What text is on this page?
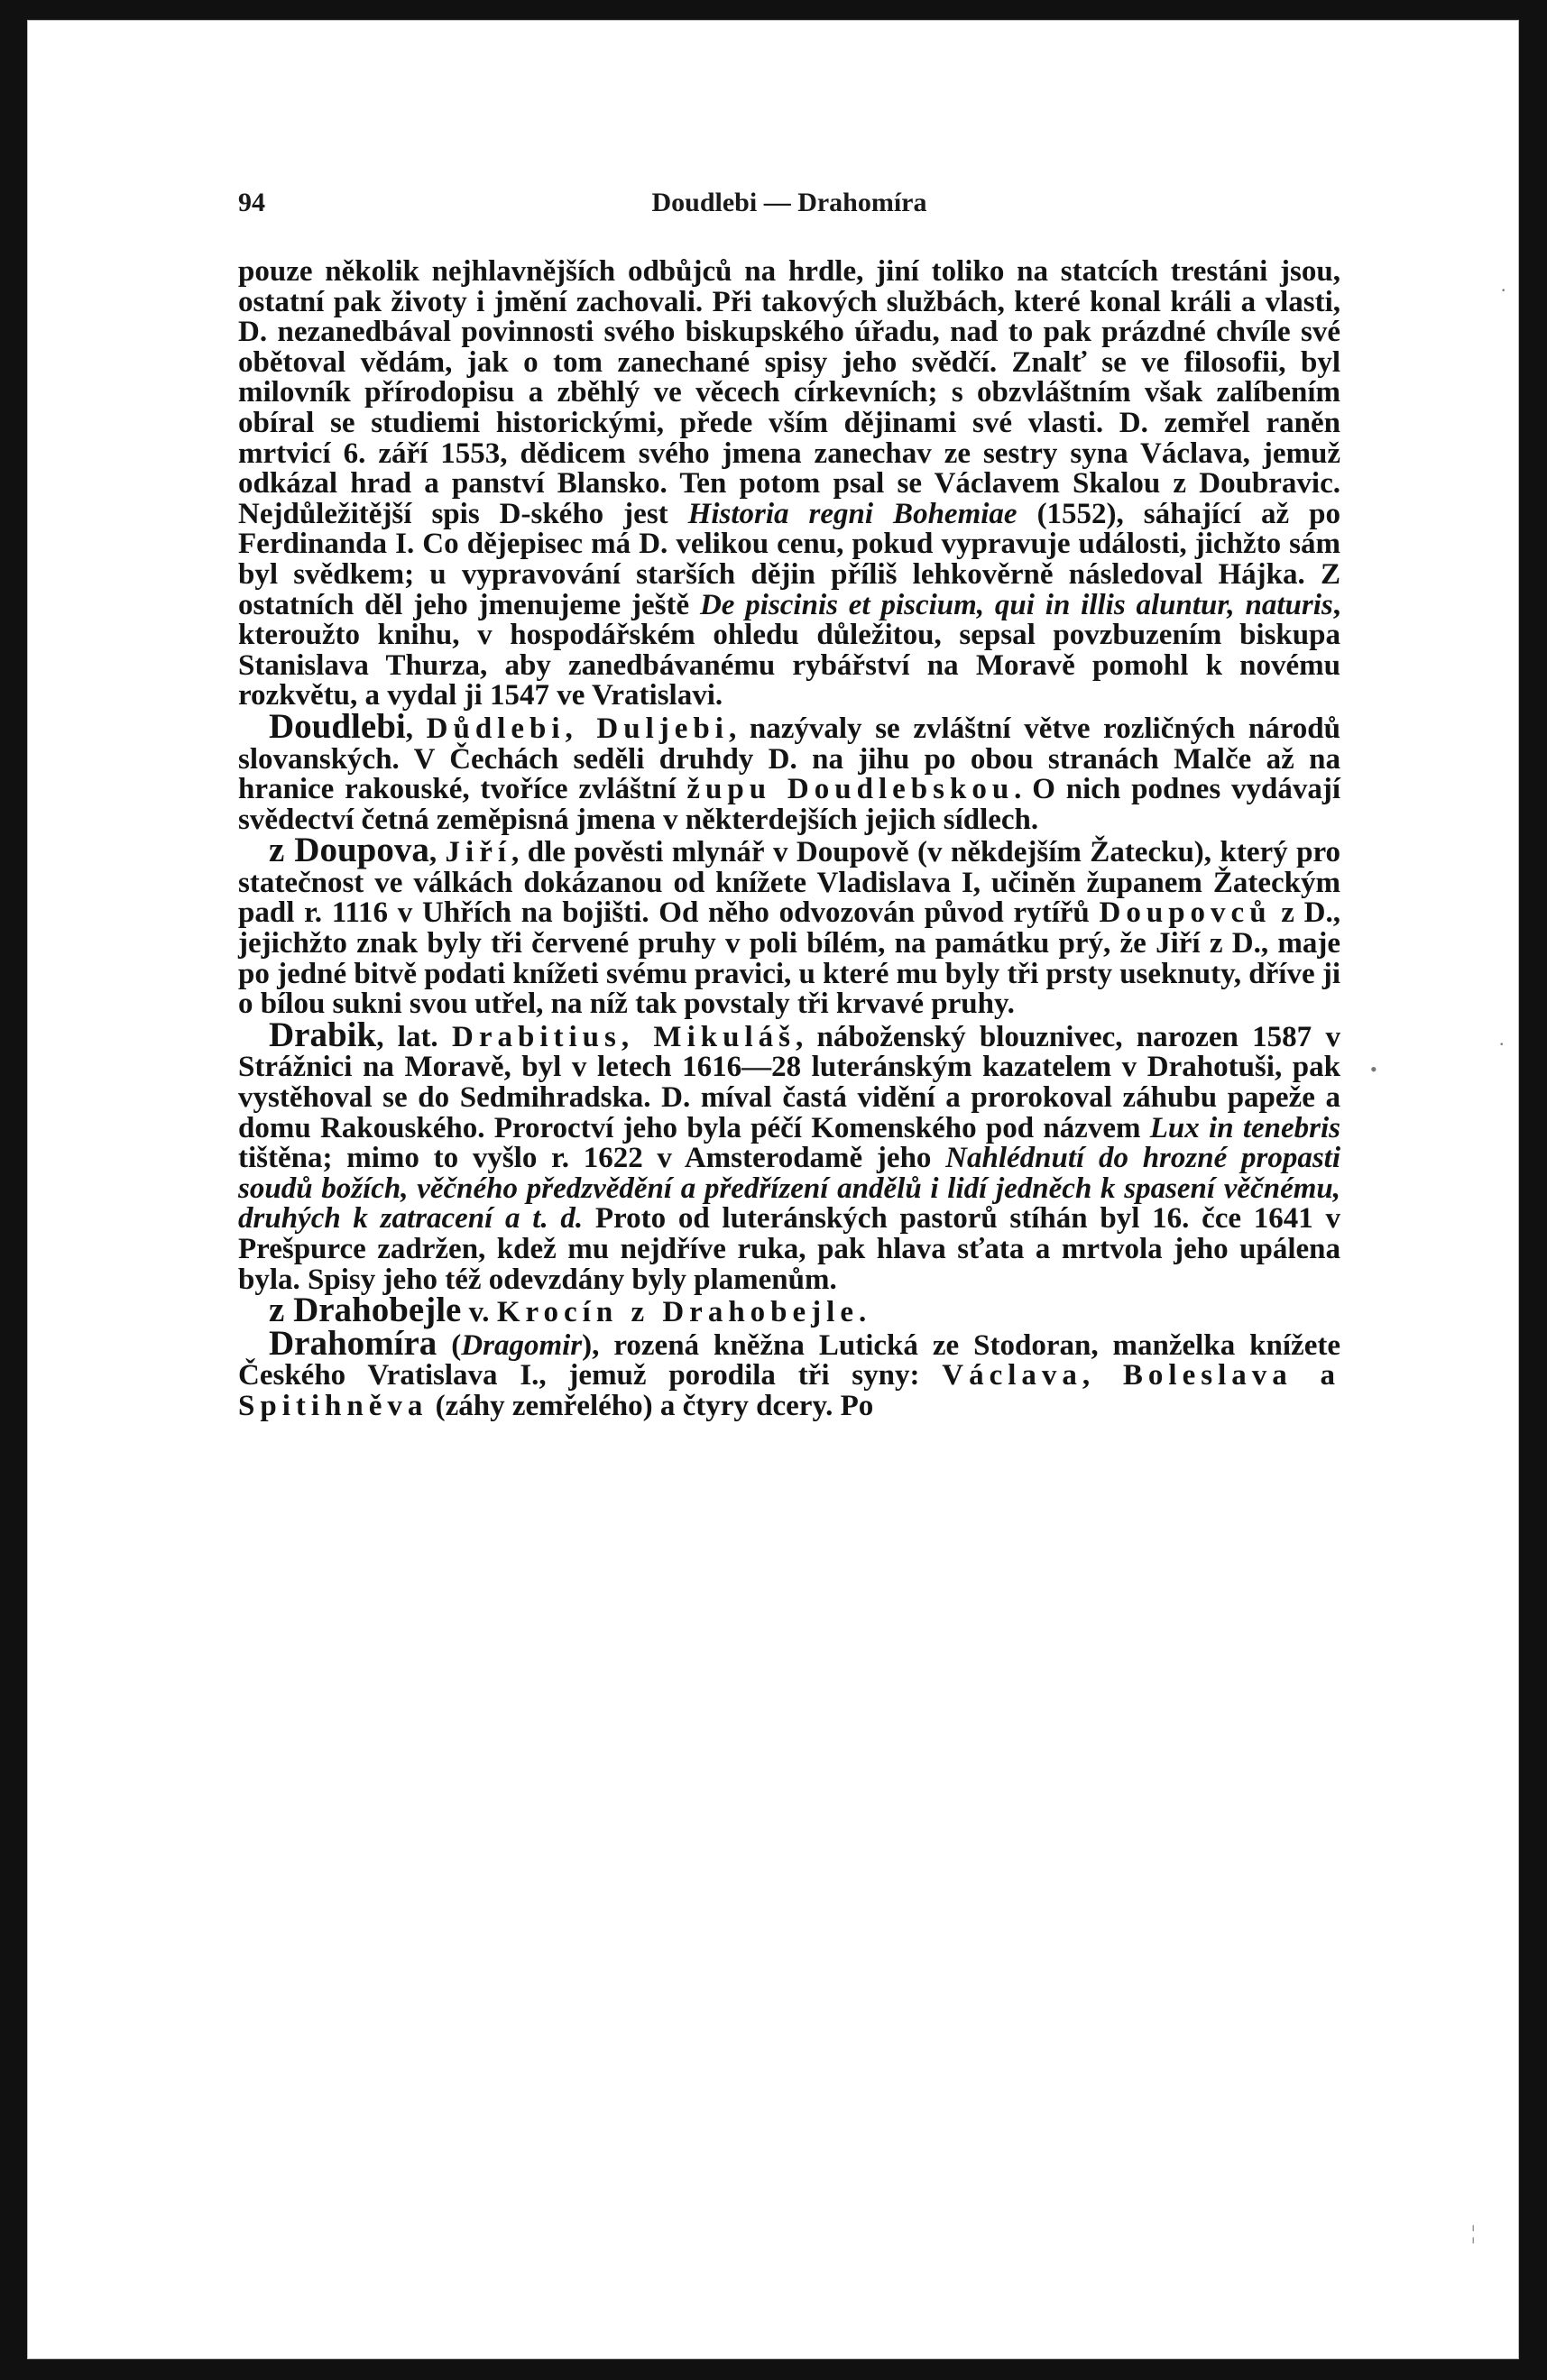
94	Doudlebi — Drahomíra

pouze několik nejhlavnějších odbůjců na hrdle, jiní toliko na statcích trestáni jsou, ostatní pak životy i jmění zachovali. Při takových službách, které konal králi a vlasti, D. nezanedbával povinnosti svého biskupského úřadu, nad to pak prázdné chvíle své obětoval vědám, jak o tom zanechané spisy jeho svědčí. Znalť se ve filosofii, byl milovník přírodopisu a zběhlý ve věcech církevních; s obzvláštním však zalíbením obíral se studiemi historickými, přede vším dějinami své vlasti. D. zemřel raněn mrtvicí 6. září 1553, dědicem svého jmena zanechav ze sestry syna Václava, jemuž odkázal hrad a panství Blansko. Ten potom psal se Václavem Skalou z Doubravic. Nejdůležitější spis D-ského jest Historia regni Bohemiae (1552), sáhající až po Ferdinanda I. Co dějepisec má D. velikou cenu, pokud vypravuje události, jichžto sám byl svědkem; u vypravování starších dějin příliš lehkověrně následoval Hájka. Z ostatních děl jeho jmenujeme ještě De piscinis et piscium, qui in illis aluntur, naturis, kteroužto knihu, v hospodářském ohledu důležitou, sepsal povzbuzením biskupa Stanislava Thurza, aby zanedbávanému rybářství na Moravě pomohl k novému rozkvětu, a vydal ji 1547 ve Vratislavi.

Doudlebi, Důdlebi, Duljebi, nazývaly se zvláštní větve rozličných národů slovanských. V Čechách seděli druhdy D. na jihu po obou stranách Malče až na hranice rakouské, tvoříce zvláštní župu Doudlebskou. O nich podnes vydávají svědectví četná zeměpisná jmena v některdejších jejich sídlech.

z Doupova, Jiří, dle pověsti mlynář v Doupově (v někdejším Žatecku), který pro statečnost ve válkách dokázanou od knížete Vladislava I, učiněn županem Žateckým padl r. 1116 v Uhřích na bojišti. Od něho odvozován původ rytířů Doupovců z D., jejichžto znak byly tři červené pruhy v poli bílém, na památku prý, že Jiří z D., maje po jedné bitvě podati knížeti svému pravici, u které mu byly tři prsty useknuty, dříve ji o bílou sukni svou utřel, na níž tak povstaly tři krvavé pruhy.

Drabik, lat. Drabitius, Mikuláš, náboženský blouznivec, narozen 1587 v Strážnici na Moravě, byl v letech 1616—28 luteránským kazatelem v Drahotuši, pak vystěhoval se do Sedmihradska. D. míval častá vidění a prorokoval záhubu papeže a domu Rakouského. Proroctví jeho byla péčí Komenského pod názvem Lux in tenebris tištěna; mimo to vyšlo r. 1622 v Amsterodamě jeho Nahlédnutí do hrozné propasti soudů božích, věčného předzvědění a předřízení andělů i lidí jedněch k spasení věčnému, druhých k zatracení a t. d. Proto od luteránských pastorů stíhán byl 16. čce 1641 v Prešpurce zadržen, kdež mu nejdříve ruka, pak hlava sťata a mrtvola jeho upálena byla. Spisy jeho též odevzdány byly plamenům.

z Drahobejle v. Krocín z Drahobejle.

Drahomíra (Dragomir), rozená kněžna Lutická ze Stodoran, manželka knížete Českého Vratislava I., jemuž porodila tři syny: Václava, Boleslava a Spitihněva (záhy zemřelého) a čtyry dcery. Po

·
·
•
¦
